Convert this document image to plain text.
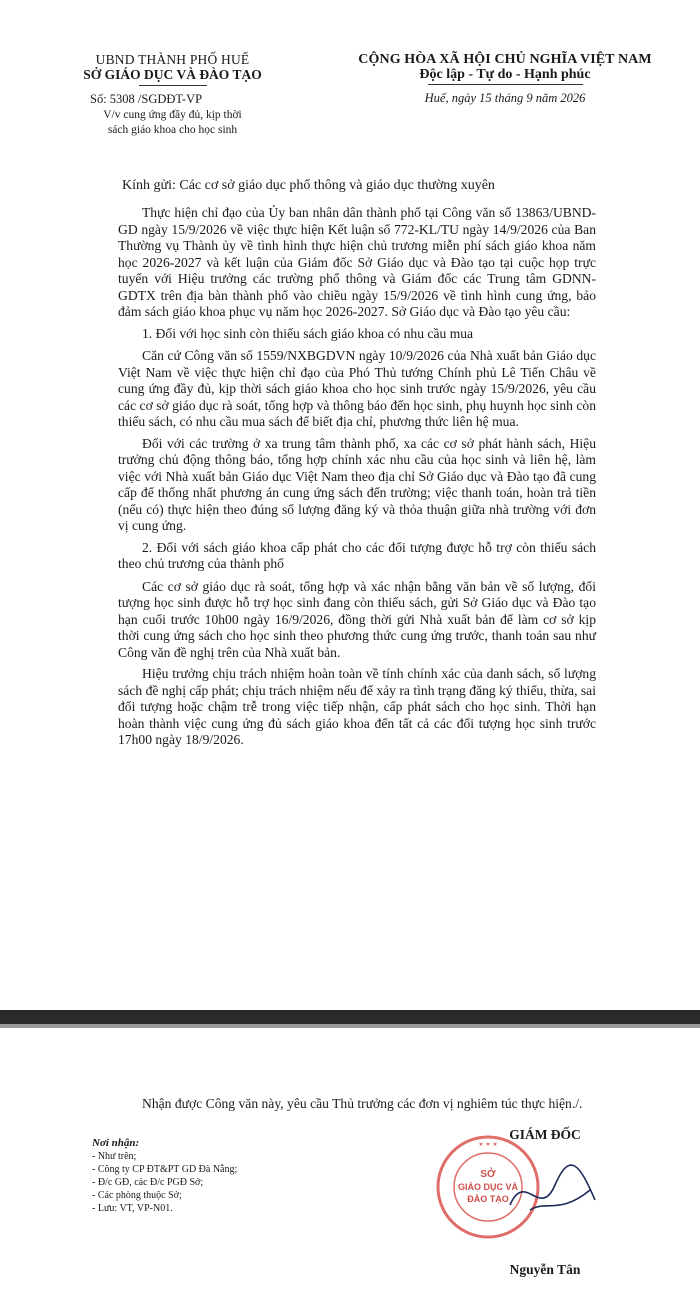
UBND THÀNH PHỐ HUẾ
SỞ GIÁO DỤC VÀ ĐÀO TẠO
Số: 5308 /SGDĐT-VP
V/v cung ứng đầy đủ, kịp thời
sách giáo khoa cho học sinh
CỘNG HÒA XÃ HỘI CHỦ NGHĨA VIỆT NAM
Độc lập - Tự do - Hạnh phúc
Huế, ngày 15 tháng 9 năm 2026
Kính gửi: Các cơ sở giáo dục phổ thông và giáo dục thường xuyên

Thực hiện chỉ đạo của Ủy ban nhân dân thành phố tại Công văn số 13863/UBND-GD ngày 15/9/2026 về việc thực hiện Kết luận số 772-KL/TU ngày 14/9/2026 của Ban Thường vụ Thành ủy về tình hình thực hiện chủ trương miễn phí sách giáo khoa năm học 2026-2027 và kết luận của Giám đốc Sở Giáo dục và Đào tạo tại cuộc họp trực tuyến với Hiệu trưởng các trường phổ thông và Giám đốc các Trung tâm GDNN-GDTX trên địa bàn thành phố vào chiều ngày 15/9/2026 về tình hình cung ứng, bảo đảm sách giáo khoa phục vụ năm học 2026-2027. Sở Giáo dục và Đào tạo yêu cầu:

1. Đối với học sinh còn thiếu sách giáo khoa có nhu cầu mua

Căn cứ Công văn số 1559/NXBGDVN ngày 10/9/2026 của Nhà xuất bản Giáo dục Việt Nam về việc thực hiện chỉ đạo của Phó Thủ tướng Chính phủ Lê Tiến Châu về cung ứng đầy đủ, kịp thời sách giáo khoa cho học sinh trước ngày 15/9/2026, yêu cầu các cơ sở giáo dục rà soát, tổng hợp và thông báo đến học sinh, phụ huynh học sinh còn thiếu sách, có nhu cầu mua sách để biết địa chỉ, phương thức liên hệ mua.

Đối với các trường ở xa trung tâm thành phố, xa các cơ sở phát hành sách, Hiệu trưởng chủ động thông báo, tổng hợp chính xác nhu cầu của học sinh và liên hệ, làm việc với Nhà xuất bản Giáo dục Việt Nam theo địa chỉ Sở Giáo dục và Đào tạo đã cung cấp để thống nhất phương án cung ứng sách đến trường; việc thanh toán, hoàn trả tiền (nếu có) thực hiện theo đúng số lượng đăng ký và thỏa thuận giữa nhà trường với đơn vị cung ứng.

2. Đối với sách giáo khoa cấp phát cho các đối tượng được hỗ trợ còn thiếu sách theo chủ trương của thành phố

Các cơ sở giáo dục rà soát, tổng hợp và xác nhận bằng văn bản về số lượng, đối tượng học sinh được hỗ trợ học sinh đang còn thiếu sách, gửi Sở Giáo dục và Đào tạo hạn cuối trước 10h00 ngày 16/9/2026, đồng thời gửi Nhà xuất bản để làm cơ sở kịp thời cung ứng sách cho học sinh theo phương thức cung ứng trước, thanh toán sau như Công văn đề nghị trên của Nhà xuất bản.

Hiệu trưởng chịu trách nhiệm hoàn toàn về tính chính xác của danh sách, số lượng sách đề nghị cấp phát; chịu trách nhiệm nếu để xảy ra tình trạng đăng ký thiếu, thừa, sai đối tượng hoặc chậm trễ trong việc tiếp nhận, cấp phát sách cho học sinh. Thời hạn hoàn thành việc cung ứng đủ sách giáo khoa đến tất cả các đối tượng học sinh trước 17h00 ngày 18/9/2026.

Nhận được Công văn này, yêu cầu Thủ trưởng các đơn vị nghiêm túc thực hiện./.
Nơi nhận:
- Như trên;
- Công ty CP ĐT&PT GD Đà Nẵng;
- Đ/c GĐ, các Đ/c PGĐ Sở;
- Các phòng thuộc Sở;
- Lưu: VT, VP-N01.
SỞ
GIÁO DỤC VÀ
ĐÀO TẠO
★ ★ ★
GIÁM ĐỐC
Nguyễn Tân
